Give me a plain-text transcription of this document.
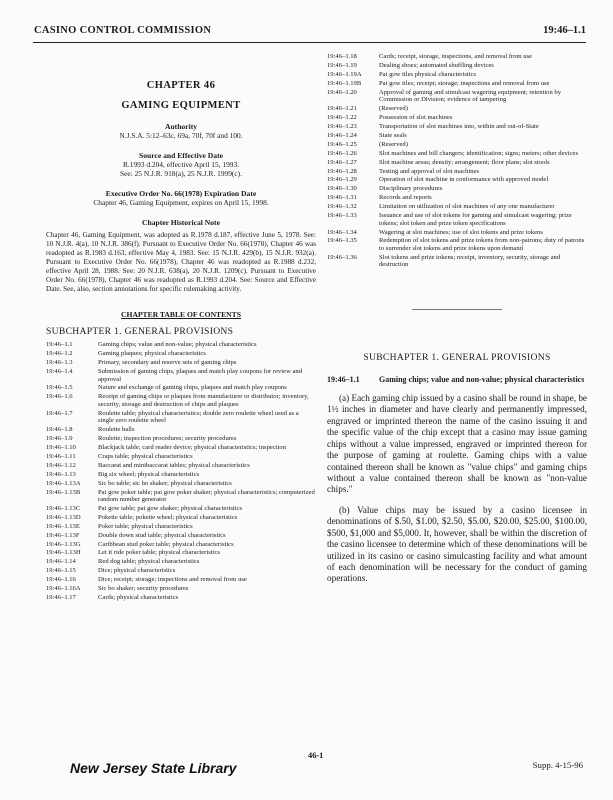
CASINO CONTROL COMMISSION	19:46–1.1
CHAPTER 46
GAMING EQUIPMENT
Authority
N.J.S.A. 5:12–63c, 69a, 70f, 70f and 100.
Source and Effective Date
R.1993 d.204, effective April 15, 1993.
See: 25 N.J.R. 918(a), 25 N.J.R. 1999(c).
Executive Order No. 66(1978) Expiration Date
Chapter 46, Gaming Equipment, expires on April 15, 1998.
Chapter Historical Note
Chapter 46, Gaming Equipment, was adopted as R.1978 d.187, effective June 5, 1978. See: 10 N.J.R. 4(a), 10 N.J.R. 386(f). Pursuant to Executive Order No. 66(1978), Chapter 46 was readopted as R.1983 d.163, effective May 4, 1983. See: 15 N.J.R. 429(b), 15 N.J.R. 932(a). Pursuant to Executive Order No. 66(1978), Chapter 46 was readopted as R.1988 d.232, effective April 28, 1988. See: 20 N.J.R. 638(a), 20 N.J.R. 1209(c). Pursuant to Executive Order No. 66(1978), Chapter 46 was readopted as R.1993 d.204. See: Source and Effective Date. See, also, section annotations for specific rulemaking activity.
CHAPTER TABLE OF CONTENTS
SUBCHAPTER 1. GENERAL PROVISIONS
19:46–1.1	Gaming chips; value and non-value; physical characteristics
19:46–1.2	Gaming plaques; physical characteristics
19:46–1.3	Primary, secondary and reserve sets of gaming chips
19:46–1.4	Submission of gaming chips, plaques and match play coupons for review and approval
19:46–1.5	Nature and exchange of gaming chips, plaques and match play coupons
19:46–1.6	Receipt of gaming chips or plaques from manufacturer or distributor; inventory, security, storage and destruction of chips and plaques
19:46–1.7	Roulette table; physical characteristics; double zero roulette wheel used as a single zero roulette wheel
19:46–1.8	Roulette balls
19:46–1.9	Roulette; inspection procedures; security procedures
19:46–1.10	Blackjack table; card reader device; physical characteristics; inspection
19:46–1.11	Craps table; physical characteristics
19:46–1.12	Baccarat and minibaccarat tables; physical characteristics
19:46–1.13	Big six wheel; physical characteristics
19:46–1.13A	Sic bo table; sic bo shaker; physical characteristics
19:46–1.13B	Pai gow poker table; pai gow poker shaker; physical characteristics; computerized random number generator
19:46–1.13C	Pai gow table; pai gow shaker; physical characteristics
19:46–1.13D	Pokette table; pokette wheel; physical characteristics
19:46–1.13E	Poker table; physical characteristics
19:46–1.13F	Double down stud table; physical characteristics
19:46–1.13G	Caribbean stud poker table; physical characteristics
19:46–1.13H	Let it ride poker table; physical characteristics
19:46–1.14	Red dog table; physical characteristics
19:46–1.15	Dice; physical characteristics
19:46–1.16	Dice; receipt; storage; inspections and removal from use
19:46–1.16A	Sic bo shaker; security procedures
19:46–1.17	Cards; physical characteristics
19:46–1.18	Cards; receipt, storage, inspections, and removal from use
19:46–1.19	Dealing shoes; automated shuffling devices
19:46–1.19A	Pai gow tiles physical characteristics
19:46–1.19B	Pai gow tiles; receipt; storage; inspections and removal from use
19:46–1.20	Approval of gaming and simulcast wagering equipment; retention by Commission or Division; evidence of tampering
19:46–1.21	(Reserved)
19:46–1.22	Possession of slot machines
19:46–1.23	Transportation of slot machines into, within and out-of-State
19:46–1.24	State seals
19:46–1.25	(Reserved)
19:46–1.26	Slot machines and bill changers; identification; signs; meters; other devices
19:46–1.27	Slot machine areas; density; arrangement; floor plans; slot stools
19:46–1.28	Testing and approval of slot machines
19:46–1.29	Operation of slot machine in conformance with approved model
19:46–1.30	Disciplinary procedures
19:46–1.31	Records and reports
19:46–1.32	Limitation on utilization of slot machines of any one manufacturer
19:46–1.33	Issuance and use of slot tokens for gaming and simulcast wagering; prize tokens; slot token and prize token specifications
19:46–1.34	Wagering at slot machines; use of slot tokens and prize tokens
19:46–1.35	Redemption of slot tokens and prize tokens from non-patrons; duty of patrons to surrender slot tokens and prize tokens upon demand
19:46–1.36	Slot tokens and prize tokens; receipt, inventory, security, storage and destruction
SUBCHAPTER 1. GENERAL PROVISIONS
19:46–1.1	Gaming chips; value and non-value; physical characteristics

(a) Each gaming chip issued by a casino shall be round in shape, be 1½ inches in diameter and have clearly and permanently impressed, engraved or imprinted thereon the name of the casino issuing it and the specific value of the chip except that a casino may issue gaming chips without a value impressed, engraved or imprinted thereon for the purpose of gaming at roulette. Gaming chips with a value contained thereon shall be known as "value chips" and gaming chips without a value contained thereon shall be known as "non-value chips."

(b) Value chips may be issued by a casino licensee in denominations of $.50, $1.00, $2.50, $5.00, $20.00, $25.00, $100.00, $500, $1,000 and $5,000. It, however, shall be within the discretion of the casino licensee to determine which of these denominations will be utilized in its casino or casino simulcasting facility and what amount of each denomination will be necessary for the conduct of gaming operations.

New Jersey State Library
46-1
Supp. 4-15-96
